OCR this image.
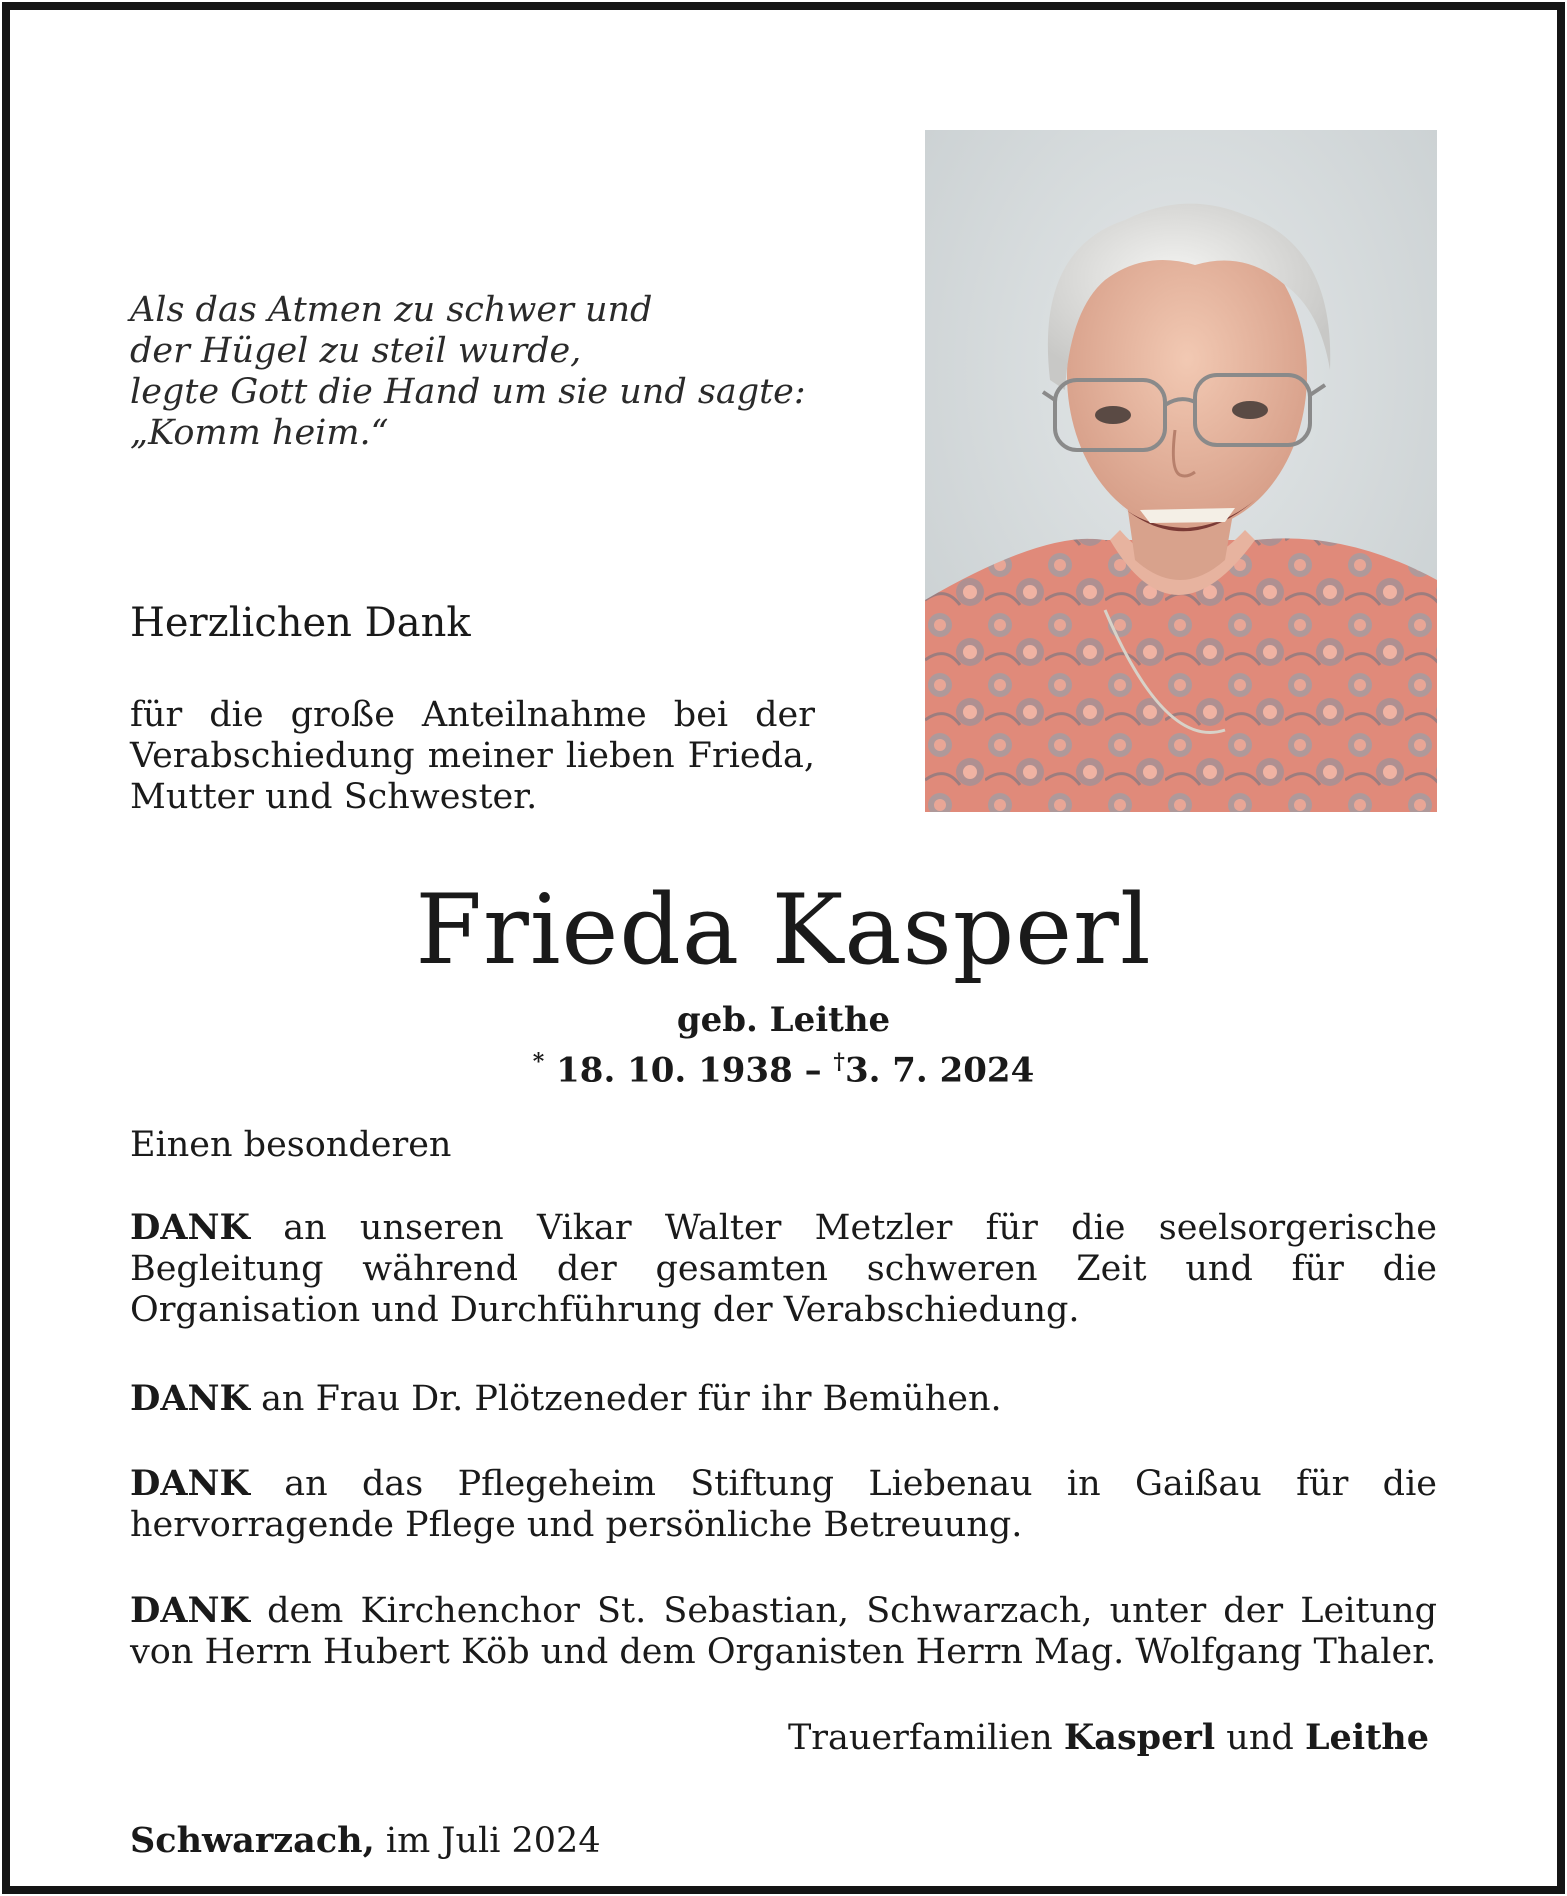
Als das Atmen zu schwer und
der Hügel zu steil wurde,
legte Gott die Hand um sie und sagte:
„Komm heim.“
Herzlichen Dank
für die große Anteilnahme bei der Verabschiedung meiner lieben Frieda, Mutter und Schwester.
Frieda Kasperl
geb. Leithe
* 18. 10. 1938 – †3. 7. 2024
Einen besonderen
DANK an unseren Vikar Walter Metzler für die seelsorgerische Begleitung während der gesamten schweren Zeit und für die Organisation und Durchführung der Verabschiedung.
DANK an Frau Dr. Plötzeneder für ihr Bemühen.
DANK an das Pflegeheim Stiftung Liebenau in Gaißau für die hervorragende Pflege und persönliche Betreuung.
DANK dem Kirchenchor St. Sebastian, Schwarzach, unter der Leitung von Herrn Hubert Köb und dem Organisten Herrn Mag. Wolfgang Thaler.
Trauerfamilien Kasperl und Leithe
Schwarzach, im Juli 2024
